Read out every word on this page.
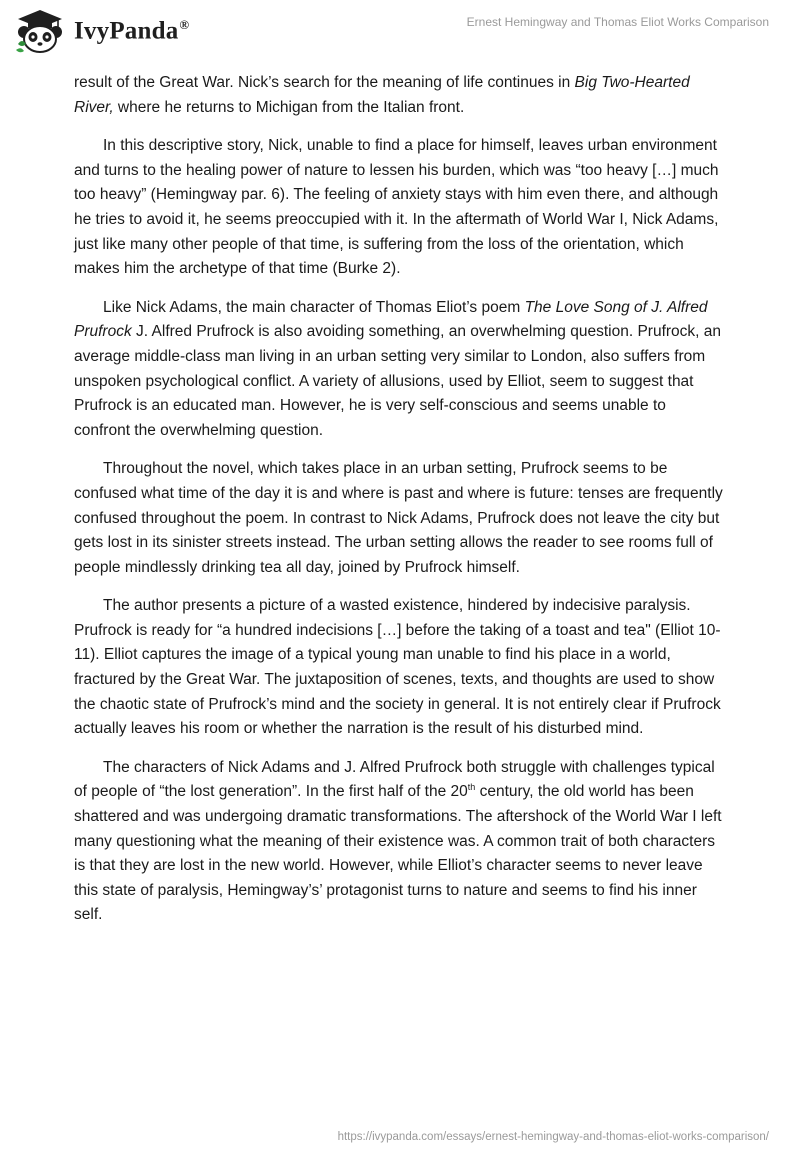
IvyPanda®	Ernest Hemingway and Thomas Eliot Works Comparison

result of the Great War. Nick’s search for the meaning of life continues in Big Two-Hearted River, where he returns to Michigan from the Italian front.

In this descriptive story, Nick, unable to find a place for himself, leaves urban environment and turns to the healing power of nature to lessen his burden, which was “too heavy […] much too heavy” (Hemingway par. 6). The feeling of anxiety stays with him even there, and although he tries to avoid it, he seems preoccupied with it. In the aftermath of World War I, Nick Adams, just like many other people of that time, is suffering from the loss of the orientation, which makes him the archetype of that time (Burke 2).

Like Nick Adams, the main character of Thomas Eliot’s poem The Love Song of J. Alfred Prufrock J. Alfred Prufrock is also avoiding something, an overwhelming question. Prufrock, an average middle-class man living in an urban setting very similar to London, also suffers from unspoken psychological conflict. A variety of allusions, used by Elliot, seem to suggest that Prufrock is an educated man. However, he is very self-conscious and seems unable to confront the overwhelming question.

Throughout the novel, which takes place in an urban setting, Prufrock seems to be confused what time of the day it is and where is past and where is future: tenses are frequently confused throughout the poem. In contrast to Nick Adams, Prufrock does not leave the city but gets lost in its sinister streets instead. The urban setting allows the reader to see rooms full of people mindlessly drinking tea all day, joined by Prufrock himself.

The author presents a picture of a wasted existence, hindered by indecisive paralysis. Prufrock is ready for “a hundred indecisions […] before the taking of a toast and tea" (Elliot 10-11). Elliot captures the image of a typical young man unable to find his place in a world, fractured by the Great War. The juxtaposition of scenes, texts, and thoughts are used to show the chaotic state of Prufrock’s mind and the society in general. It is not entirely clear if Prufrock actually leaves his room or whether the narration is the result of his disturbed mind.

The characters of Nick Adams and J. Alfred Prufrock both struggle with challenges typical of people of “the lost generation”. In the first half of the 20th century, the old world has been shattered and was undergoing dramatic transformations. The aftershock of the World War I left many questioning what the meaning of their existence was. A common trait of both characters is that they are lost in the new world. However, while Elliot’s character seems to never leave this state of paralysis, Hemingway’s’ protagonist turns to nature and seems to find his inner self.

https://ivypanda.com/essays/ernest-hemingway-and-thomas-eliot-works-comparison/
